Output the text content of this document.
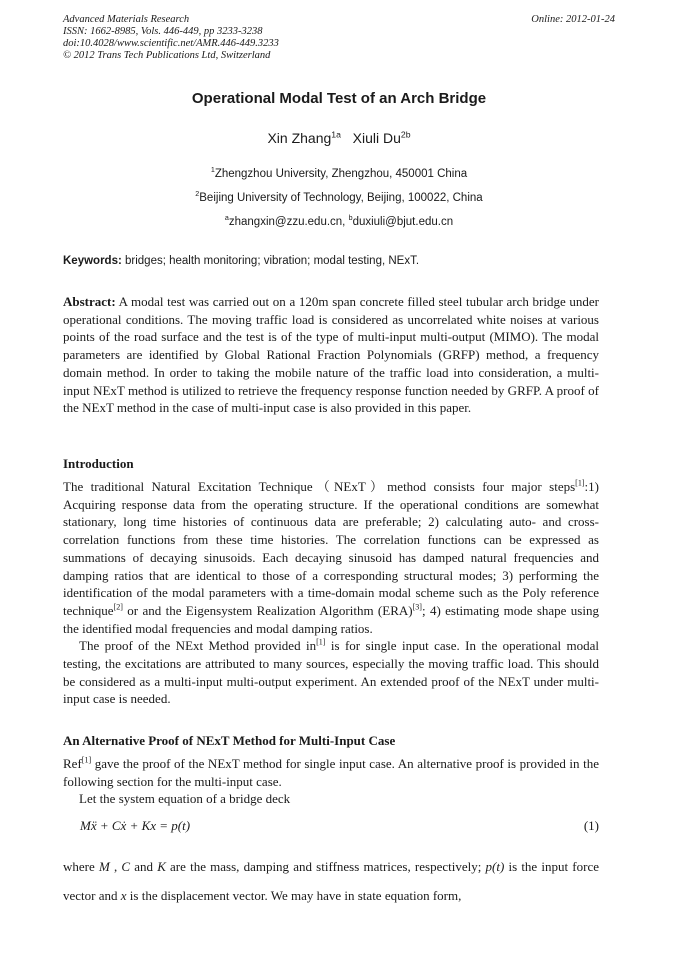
Advanced Materials Research
ISSN: 1662-8985, Vols. 446-449, pp 3233-3238
doi:10.4028/www.scientific.net/AMR.446-449.3233
© 2012 Trans Tech Publications Ltd, Switzerland
Online: 2012-01-24
Operational Modal Test of an Arch Bridge
Xin Zhang$^{1a}$ Xiuli $Du^{2b}$
$^1$Zhengzhou University, Zhengzhou, 450001 China
$^2$Beijing University of Technology, Beijing, 100022, China
$^a$zhangxin@zzu.edu.cn, $^b$duxiuli@bjut.edu.cn
Keywords: bridges; health monitoring; vibration; modal testing, NExT.
Abstract: A modal test was carried out on a 120m span concrete filled steel tubular arch bridge under operational conditions. The moving traffic load is considered as uncorrelated white noises at various points of the road surface and the test is of the type of multi-input multi-output (MIMO). The modal parameters are identified by Global Rational Fraction Polynomials (GRFP) method, a frequency domain method. In order to taking the mobile nature of the traffic load into consideration, a multi-input NExT method is utilized to retrieve the frequency response function needed by GRFP. A proof of the NExT method in the case of multi-input case is also provided in this paper.
Introduction
The traditional Natural Excitation Technique（NExT）method consists four major steps[1]:1) Acquiring response data from the operating structure. If the operational conditions are somewhat stationary, long time histories of continuous data are preferable; 2) calculating auto- and cross-correlation functions from these time histories. The correlation functions can be expressed as summations of decaying sinusoids. Each decaying sinusoid has damped natural frequencies and damping ratios that are identical to those of a corresponding structural modes; 3) performing the identification of the modal parameters with a time-domain modal scheme such as the Poly reference technique[2] or and the Eigensystem Realization Algorithm (ERA)[3]; 4) estimating mode shape using the identified modal frequencies and modal damping ratios.
The proof of the NExt Method provided in[1] is for single input case. In the operational modal testing, the excitations are attributed to many sources, especially the moving traffic load. This should be considered as a multi-input multi-output experiment. An extended proof of the NExT under multi-input case is needed.
An Alternative Proof of NExT Method for Multi-Input Case
Ref[1] gave the proof of the NExT method for single input case. An alternative proof is provided in the following section for the multi-input case.
Let the system equation of a bridge deck
Mẍ + Cẋ + Kx = p(t)	(1)
where M , C and K are the mass, damping and stiffness matrices, respectively; p(t) is the input force vector and x is the displacement vector. We may have in state equation form,
